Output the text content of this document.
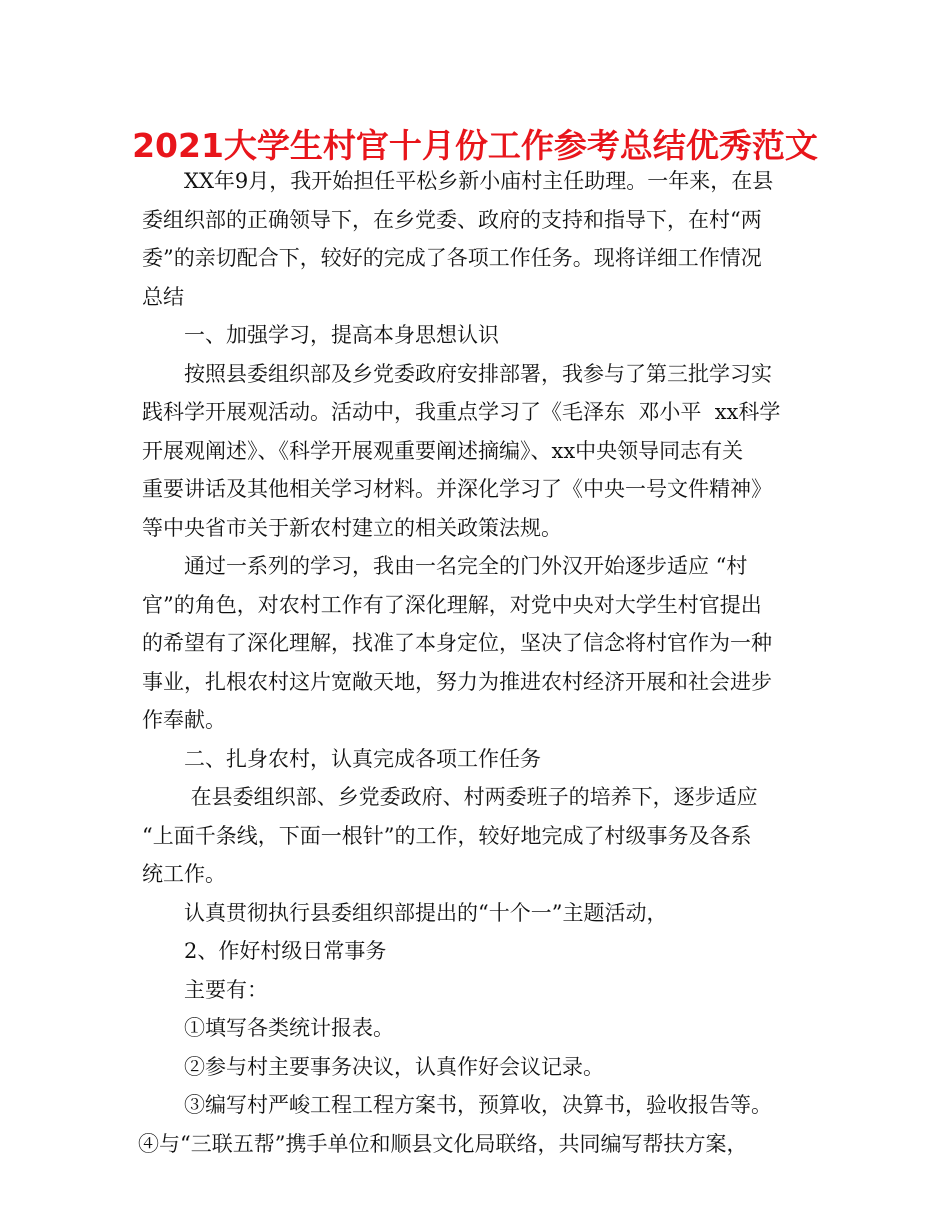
2021大学生村官十月份工作参考总结优秀范文

XX年9月，我开始担任平松乡新小庙村主任助理。一年来，在县
委组织部的正确领导下，在乡党委、政府的支持和指导下，在村“两
委”的亲切配合下，较好的完成了各项工作任务。现将详细工作情况
总结

一、加强学习，提高本身思想认识

按照县委组织部及乡党委政府安排部署，我参与了第三批学习实
践科学开展观活动。活动中，我重点学习了《毛泽东  邓小平  xx科学
开展观阐述》、《科学开展观重要阐述摘编》、xx中央领导同志有关
重要讲话及其他相关学习材料。并深化学习了《中央一号文件精神》
等中央省市关于新农村建立的相关政策法规。

通过一系列的学习，我由一名完全的门外汉开始逐步适应 “村
官”的角色，对农村工作有了深化理解，对党中央对大学生村官提出
的希望有了深化理解，找准了本身定位，坚决了信念将村官作为一种
事业，扎根农村这片宽敞天地，努力为推进农村经济开展和社会进步
作奉献。

二、扎身农村，认真完成各项工作任务

在县委组织部、乡党委政府、村两委班子的培养下，逐步适应
“上面千条线，下面一根针”的工作，较好地完成了村级事务及各系
统工作。

认真贯彻执行县委组织部提出的“十个一”主题活动，

2、作好村级日常事务

主要有：

①填写各类统计报表。

②参与村主要事务决议，认真作好会议记录。

③编写村严峻工程工程方案书，预算收，决算书，验收报告等。

④与“三联五帮”携手单位和顺县文化局联络，共同编写帮扶方案，
